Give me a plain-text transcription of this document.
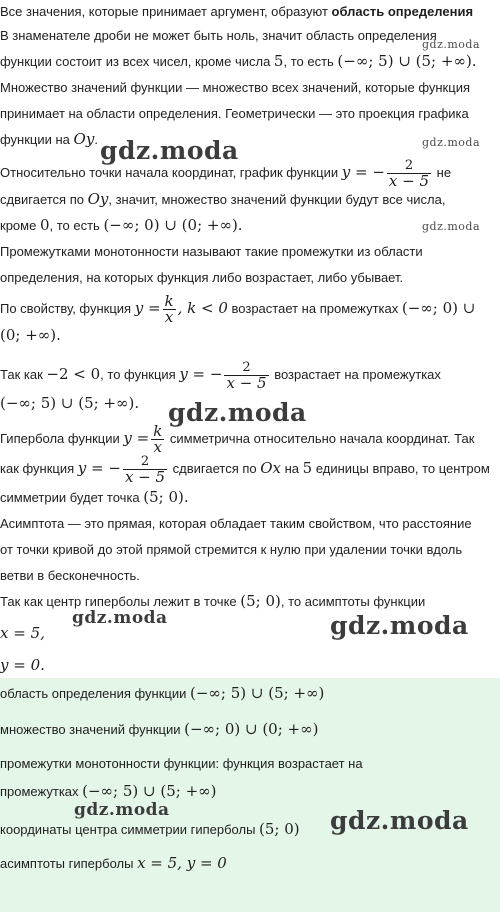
Все значения, которые принимает аргумент, образуют область определения
В знаменателе дроби не может быть ноль, значит область определения
функции состоит из всех чисел, кроме числа 5, то есть (−∞; 5) ∪ (5; +∞).
Множество значений функции — множество всех значений, которые функция
принимает на области определения. Геометрически — это проекция графика
функции на Oy.
Относительно точки начала координат, график функции y = − $\frac{2}{x - 5}$ не
сдвигается по Oy, значит, множество значений функции будут все числа,
кроме 0, то есть (−∞; 0) ∪ (0; +∞).
Промежутками монотонности называют такие промежутки из области
определения, на которых функция либо возрастает, либо убывает.
По свойству, функция $y = \frac{k}{x}$ , k < 0 возрастает на промежутках (−∞; 0) ∪
(0; +∞).
Так как −2 < 0, то функция y = − $\frac{2}{x - 5}$ возрастает на промежутках
(−∞; 5) ∪ (5; +∞).
Гипербола функции $y = \frac{k}{x}$ симметрична относительно начала координат. Так
как функция y = − $\frac{2}{x - 5}$ сдвигается по Ox на 5 единицы вправо, то центром
симметрии будет точка (5; 0).
Асимптота — это прямая, которая обладает таким свойством, что расстояние
от точки кривой до этой прямой стремится к нулю при удалении точки вдоль
ветви в бесконечность.
Так как центр гиперболы лежит в точке (5; 0), то асимптоты функции
x = 5,
y = 0.
область определения функции (−∞; 5) ∪ (5; +∞)
множество значений функции (−∞; 0) ∪ (0; +∞)
промежутки монотонности функции: функция возрастает на
промежутках (−∞; 5) ∪ (5; +∞)
координаты центра симметрии гиперболы (5; 0)
асимптоты гиперболы x = 5, y = 0
gdz.moda
gdz.moda	gdz.moda
gdz.moda
gdz.moda
gdz.moda	gdz.moda
gdz.moda	gdz.moda
